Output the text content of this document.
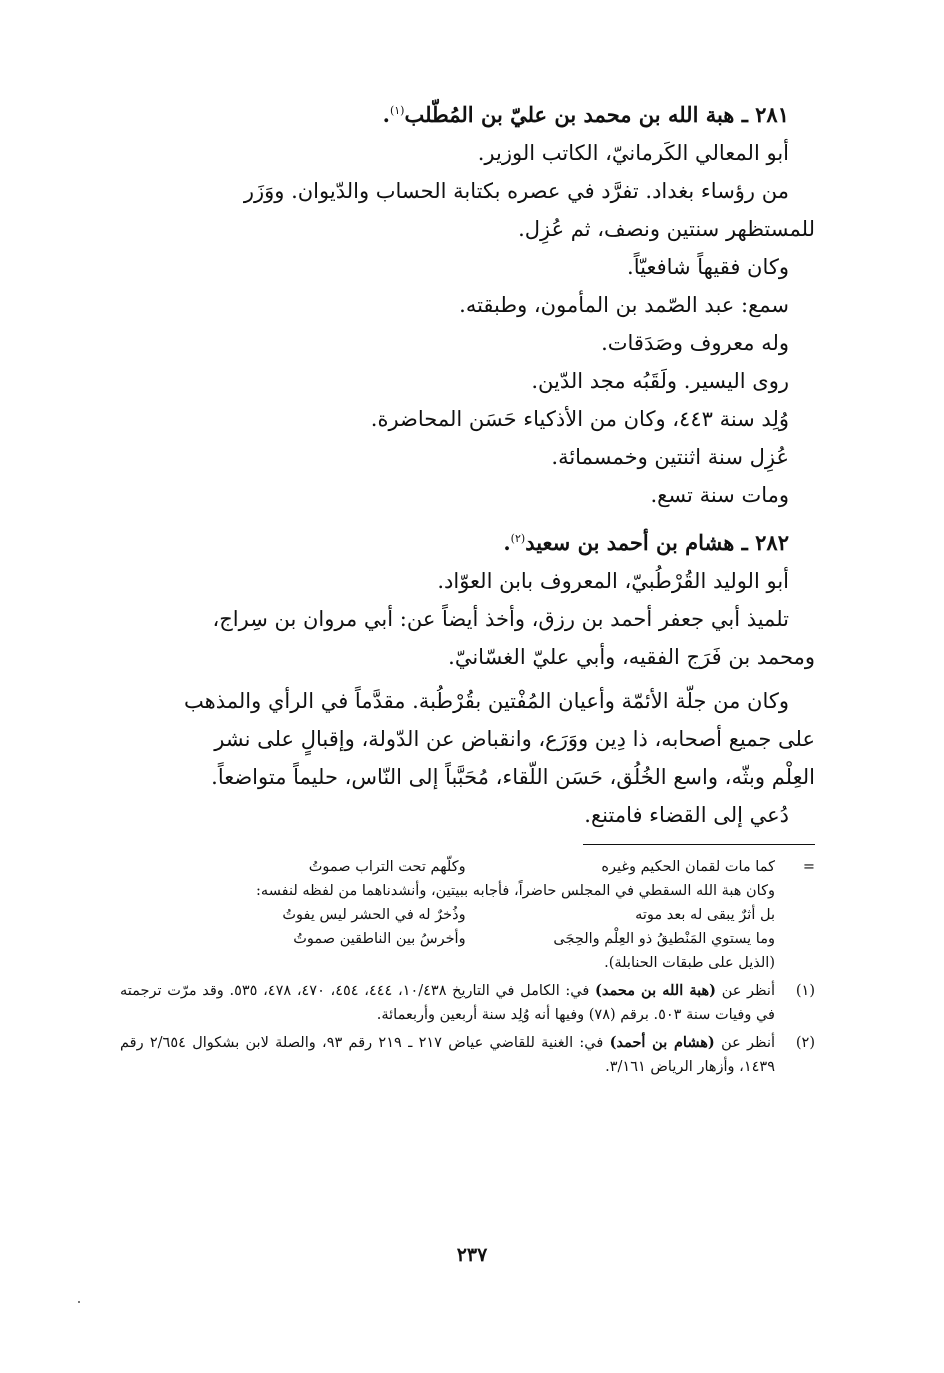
٢٨١ ـ هبة الله بن محمد بن عليّ بن المُطّلب$^{(١)}$.

أبو المعالي الكَرمانيّ، الكاتب الوزير.

من رؤساء بغداد. تفرَّد في عصره بكتابة الحساب والدّيوان. ووَزَر

للمستظهر سنتين ونصف، ثم عُزِل.

وكان فقيهاً شافعيّاً.

سمع: عبد الصّمد بن المأمون، وطبقته.

وله معروف وصَدَقات.

روى اليسير. ولَقَبُه مجد الدّين.

وُلِد سنة ٤٤٣، وكان من الأذكياء حَسَن المحاضرة.

عُزِل سنة اثنتين وخمسمائة.

ومات سنة تسع.

٢٨٢ ـ هشام بن أحمد بن سعيد$^{(٢)}$.

أبو الوليد القُرْطُبيّ، المعروف بابن العوّاد.

تلميذ أبي جعفر أحمد بن رزق، وأخذ أيضاً عن: أبي مروان بن سِراج،

ومحمد بن فَرَج الفقيه، وأبي عليّ الغسّانيّ.

وكان من جلّة الأئمّة وأعيان المُفْتين بقُرْطُبة. مقدَّماً في الرأي والمذهب

على جميع أصحابه، ذا دِين ووَرَع، وانقباض عن الدّولة، وإقبالٍ على نشر

العِلْم وبثّه، واسع الخُلُق، حَسَن اللّقاء، مُحَبَّباً إلى النّاس، حليماً متواضعاً.

دُعي إلى القضاء فامتنع.

=
كما مات لقمان الحكيم وغيره
وكلّهم تحت التراب صموتُ
وكان هبة الله السقطي في المجلس حاضراً، فأجابه ببيتين، وأنشدناهما من لفظه لنفسه:
بل أثرٌ يبقى له بعد موته
وذُخرٌ له في الحشر ليس يفوتُ
وما يستوي المَنْطيقُ ذو العِلْم والحِجَى
وأخرسُ بين الناطقين صموتُ
(الذيل على طبقات الحنابلة).
(١)
أنظر عن (هبة الله بن محمد) في: الكامل في التاريخ ١٠/٤٣٨، ٤٤٤، ٤٥٤، ٤٧٠، ٤٧٨، ٥٣٥. وقد مرّت ترجمته في وفيات سنة ٥٠٣. برقم (٧٨) وفيها أنه وُلِد سنة أربعين وأربعمائة.
(٢)
أنظر عن (هشام بن أحمد) في: الغنية للقاضي عياض ٢١٧ ـ ٢١٩ رقم ٩٣، والصلة لابن بشكوال ٢/٦٥٤ رقم ١٤٣٩، وأزهار الرياض ٣/١٦١.
٢٣٧
